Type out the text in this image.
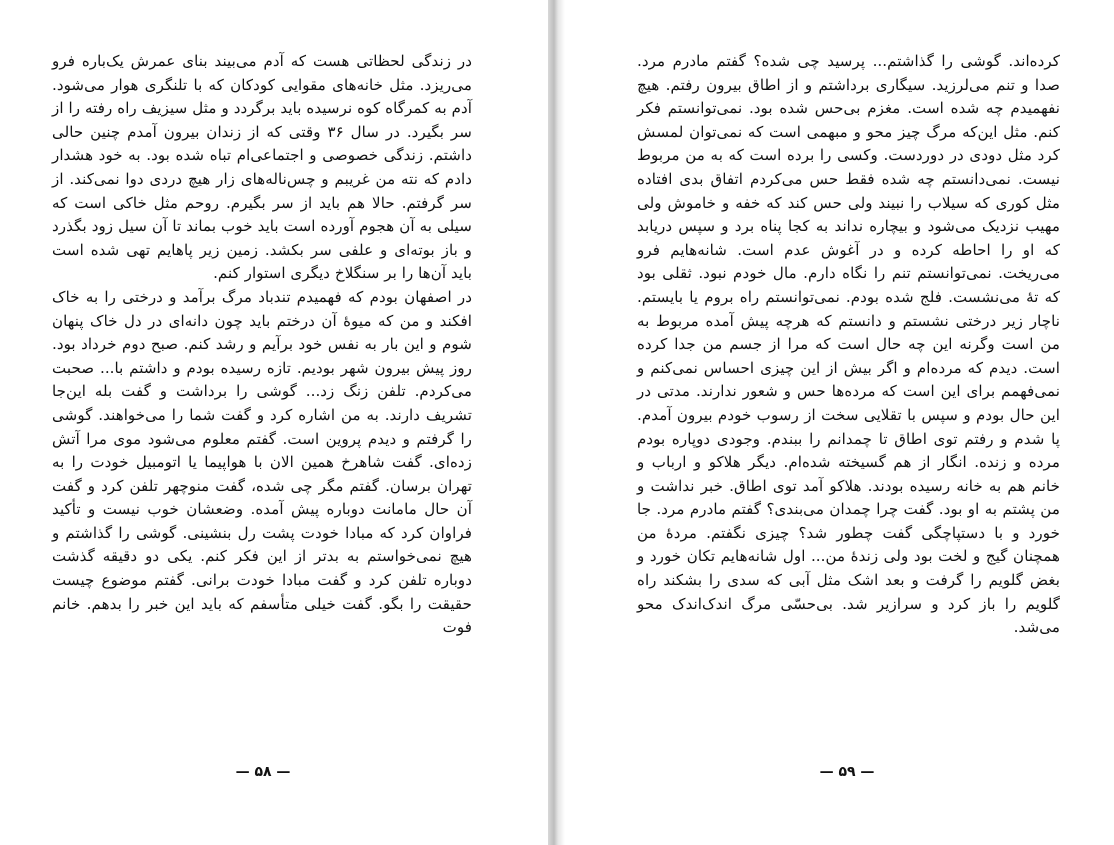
در زندگی لحظاتی هست که آدم می‌بیند بنای عمرش یک‌باره فرو می‌ریزد. مثل خانه‌های مقوایی کودکان که با تلنگری هوار می‌شود. آدم به کمرگاه کوه نرسیده باید برگردد و مثل سیزیف راه رفته را از سر بگیرد. در سال ۳۶ وقتی که از زندان بیرون آمدم چنین حالی داشتم. زندگی خصوصی و اجتماعی‌ام تباه شده بود. به خود هشدار دادم که نته من غریبم و چس‌ناله‌های زار هیچ دردی دوا نمی‌کند. از سر گرفتم. حالا هم باید از سر بگیرم. روحم مثل خاکی است که سیلی به آن هجوم آورده است باید خوب بماند تا آن سیل زود بگذرد و باز بوته‌ای و علفی سر بکشد. زمین زیر پاهایم تهی شده است باید آن‌ها را بر سنگلاخ دیگری استوار کنم.

در اصفهان بودم که فهمیدم تندباد مرگ برآمد و درختی را به خاک افکند و من که میوهٔ آن درختم باید چون دانه‌ای در دل خاک پنهان شوم و این بار به نفس خود برآیم و رشد کنم. صبح دوم خرداد بود. روز پیش بیرون شهر بودیم. تازه رسیده بودم و داشتم با... صحبت می‌کردم. تلفن زنگ زد... گوشی را برداشت و گفت بله این‌جا تشریف دارند. به من اشاره کرد و گفت شما را می‌خواهند. گوشی را گرفتم و دیدم پروین است. گفتم معلوم می‌شود موی مرا آتش زده‌ای. گفت شاهرخ همین الان با هواپیما یا اتومبیل خودت را به تهران برسان. گفتم مگر چی شده، گفت منوچهر تلفن کرد و گفت آن حال مامانت دوباره پیش آمده. وضعشان خوب نیست و تأکید فراوان کرد که مبادا خودت پشت رل بنشینی. گوشی را گذاشتم و هیچ نمی‌خواستم به بدتر از این فکر کنم. یکی دو دقیقه گذشت دوباره تلفن کرد و گفت مبادا خودت برانی. گفتم موضوع چیست حقیقت را بگو. گفت خیلی متأسفم که باید این خبر را بدهم. خانم فوت

— ۵۸ —

کرده‌اند. گوشی را گذاشتم... پرسید چی شده؟ گفتم مادرم مرد. صدا و تنم می‌لرزید. سیگاری برداشتم و از اطاق بیرون رفتم. هیچ نفهمیدم چه شده است. مغزم بی‌حس شده بود. نمی‌توانستم فکر کنم. مثل این‌که مرگ چیز محو و مبهمی است که نمی‌توان لمسش کرد مثل دودی در دوردست. وکسی را برده است که به من مربوط نیست. نمی‌دانستم چه شده فقط حس می‌کردم اتفاق بدی افتاده مثل کوری که سیلاب را نبیند ولی حس کند که خفه و خاموش ولی مهیب نزدیک می‌شود و بیچاره نداند به کجا پناه برد و سپس دریابد که او را احاطه کرده و در آغوش عدم است. شانه‌هایم فرو می‌ریخت. نمی‌توانستم تنم را نگاه دارم. مال خودم نبود. ثقلی بود که تهٔ می‌نشست. فلج شده بودم. نمی‌توانستم راه بروم یا بایستم. ناچار زیر درختی نشستم و دانستم که هرچه پیش آمده مربوط به من است وگرنه این چه حال است که مرا از جسم من جدا کرده است. دیدم که مرده‌ام و اگر بیش از این چیزی احساس نمی‌کنم و نمی‌فهمم برای این است که مرده‌ها حس و شعور ندارند. مدتی در این حال بودم و سپس با تقلایی سخت از رسوب خودم بیرون آمدم. پا شدم و رفتم توی اطاق تا چمدانم را ببندم. وجودی دوپاره بودم مرده و زنده. انگار از هم گسیخته شده‌ام. دیگر هلاکو و ارباب و خانم هم به خانه رسیده بودند. هلاکو آمد توی اطاق. خبر نداشت و من پشتم به او بود. گفت چرا چمدان می‌بندی؟ گفتم مادرم مرد. جا خورد و با دستپاچگی گفت چطور شد؟ چیزی نگفتم. مردهٔ من همچنان گیج و لخت بود ولی زندهٔ من... اول شانه‌هایم تکان خورد و بغض گلویم را گرفت و بعد اشک مثل آبی که سدی را بشکند راه گلویم را باز کرد و سرازیر شد. بی‌حسّی مرگ اندک‌اندک محو می‌شد.

— ۵۹ —
